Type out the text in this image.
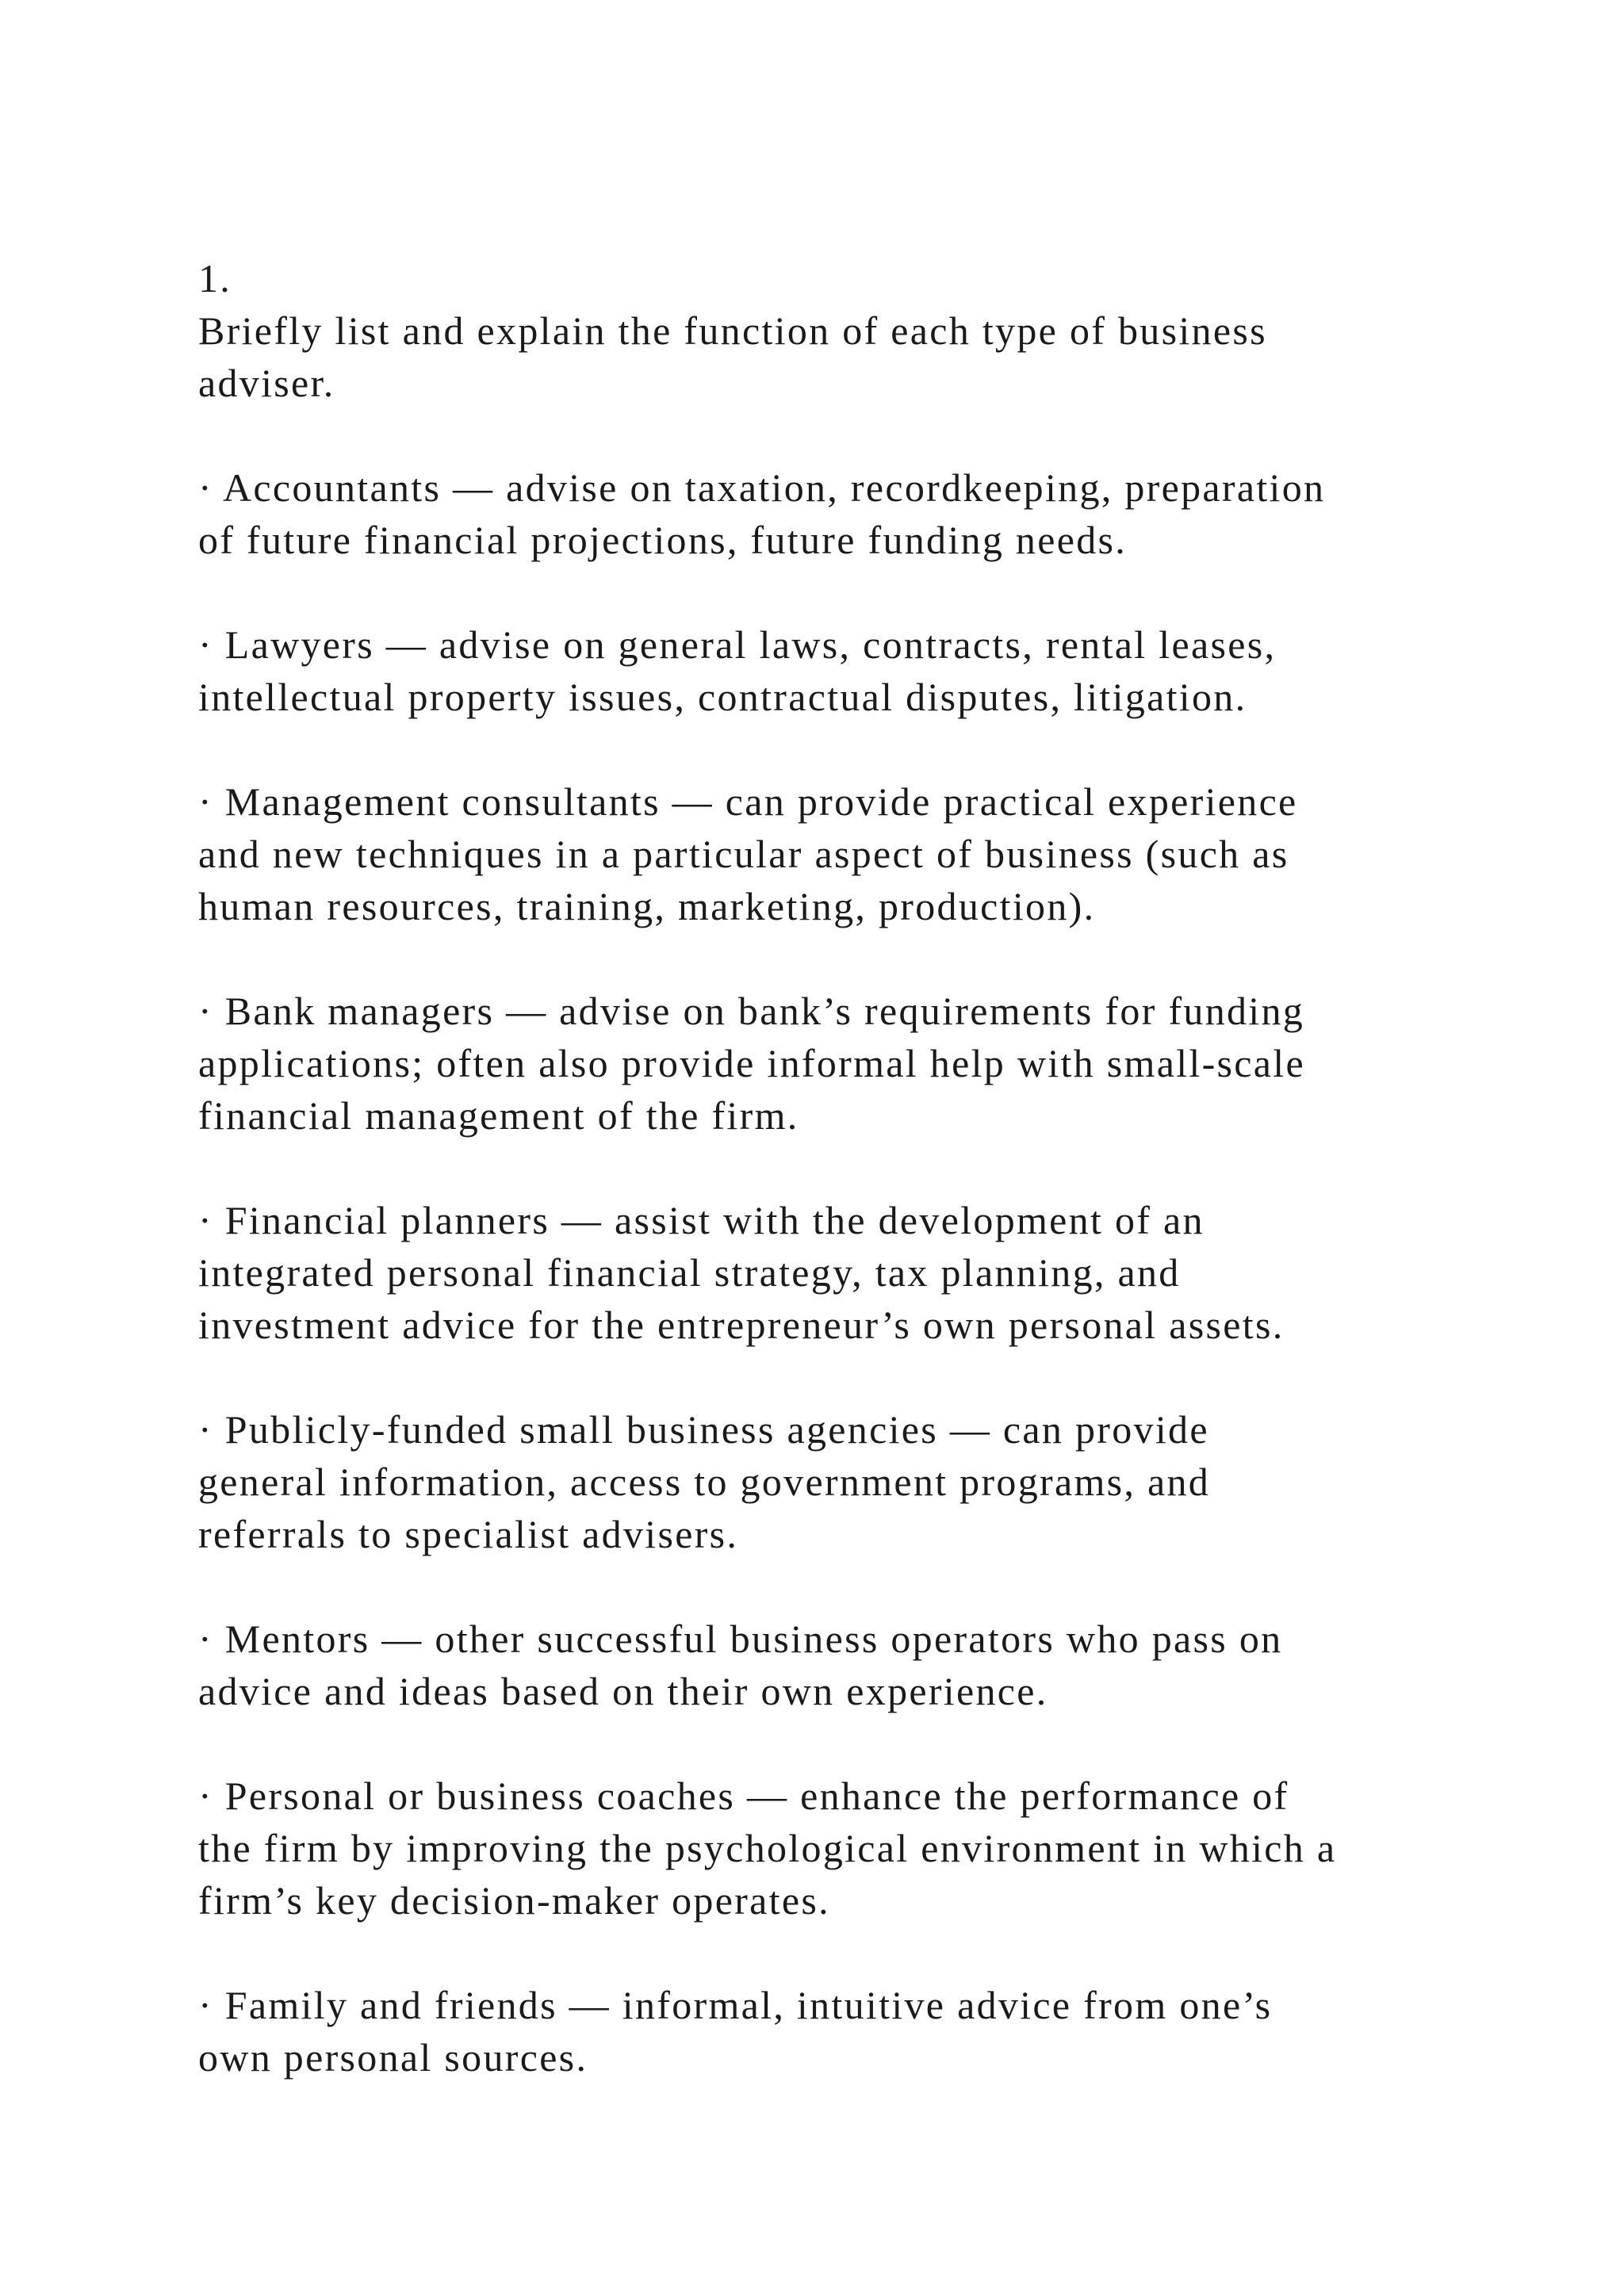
1.
Briefly list and explain the function of each type of business
adviser.
· Accountants — advise on taxation, recordkeeping, preparation
of future financial projections, future funding needs.
· Lawyers — advise on general laws, contracts, rental leases,
intellectual property issues, contractual disputes, litigation.
· Management consultants — can provide practical experience
and new techniques in a particular aspect of business (such as
human resources, training, marketing, production).
· Bank managers — advise on bank’s requirements for funding
applications; often also provide informal help with small-scale
financial management of the firm.
· Financial planners — assist with the development of an
integrated personal financial strategy, tax planning, and
investment advice for the entrepreneur’s own personal assets.
· Publicly-funded small business agencies — can provide
general information, access to government programs, and
referrals to specialist advisers.
· Mentors — other successful business operators who pass on
advice and ideas based on their own experience.
· Personal or business coaches — enhance the performance of
the firm by improving the psychological environment in which a
firm’s key decision-maker operates.
· Family and friends — informal, intuitive advice from one’s
own personal sources.
